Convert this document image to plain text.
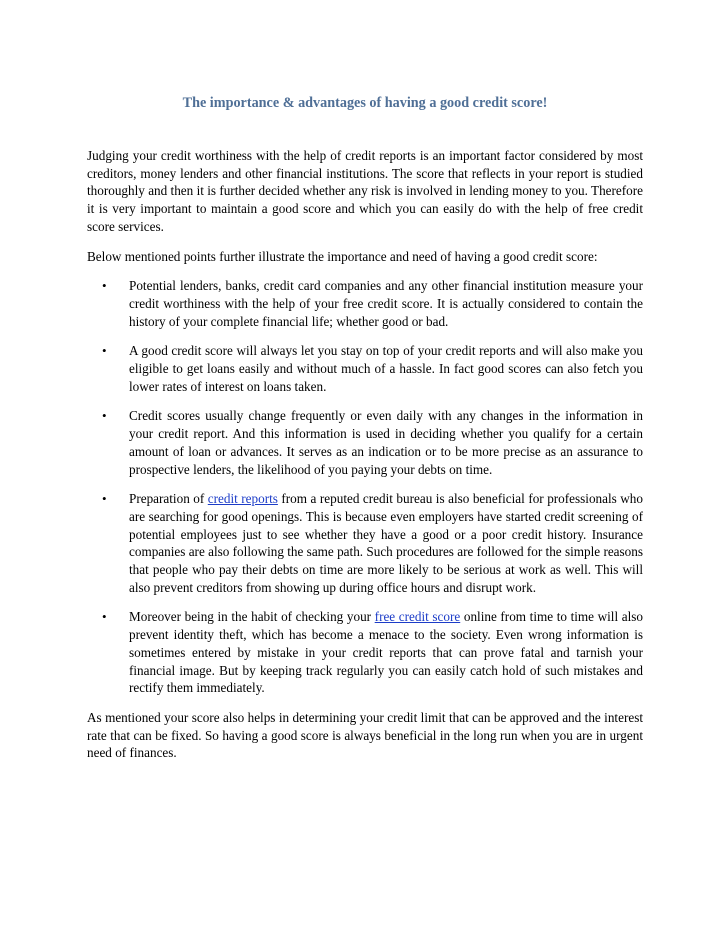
The importance & advantages of having a good credit score!

Judging your credit worthiness with the help of credit reports is an important factor considered by most creditors, money lenders and other financial institutions. The score that reflects in your report is studied thoroughly and then it is further decided whether any risk is involved in lending money to you. Therefore it is very important to maintain a good score and which you can easily do with the help of free credit score services.

Below mentioned points further illustrate the importance and need of having a good credit score:

• Potential lenders, banks, credit card companies and any other financial institution measure your credit worthiness with the help of your free credit score. It is actually considered to contain the history of your complete financial life; whether good or bad.
• A good credit score will always let you stay on top of your credit reports and will also make you eligible to get loans easily and without much of a hassle. In fact good scores can also fetch you lower rates of interest on loans taken.
• Credit scores usually change frequently or even daily with any changes in the information in your credit report. And this information is used in deciding whether you qualify for a certain amount of loan or advances. It serves as an indication or to be more precise as an assurance to prospective lenders, the likelihood of you paying your debts on time.
• Preparation of credit reports from a reputed credit bureau is also beneficial for professionals who are searching for good openings. This is because even employers have started credit screening of potential employees just to see whether they have a good or a poor credit history. Insurance companies are also following the same path. Such procedures are followed for the simple reasons that people who pay their debts on time are more likely to be serious at work as well. This will also prevent creditors from showing up during office hours and disrupt work.
• Moreover being in the habit of checking your free credit score online from time to time will also prevent identity theft, which has become a menace to the society. Even wrong information is sometimes entered by mistake in your credit reports that can prove fatal and tarnish your financial image. But by keeping track regularly you can easily catch hold of such mistakes and rectify them immediately.

As mentioned your score also helps in determining your credit limit that can be approved and the interest rate that can be fixed. So having a good score is always beneficial in the long run when you are in urgent need of finances.
